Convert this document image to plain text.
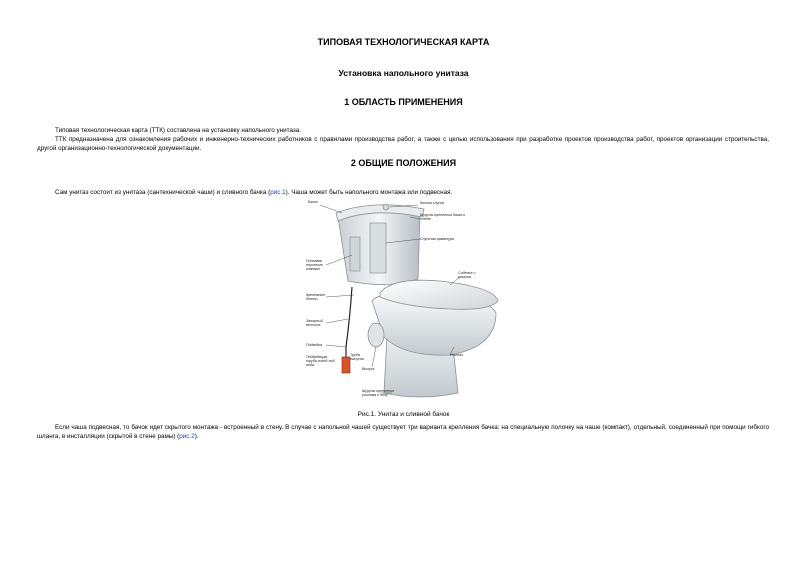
ТИПОВАЯ ТЕХНОЛОГИЧЕСКАЯ КАРТА
Установка напольного унитаза
1 ОБЛАСТЬ ПРИМЕНЕНИЯ
Типовая технологическая карта (ТТК) составлена на установку напольного унитаза.
ТТК предназначена для ознакомления рабочих и инженерно-технических работников с правилами производства работ, а также с целью использования при разработке проектов производства работ, проектов организации строительства, другой организационно-технологической документации.
2 ОБЩИЕ ПОЛОЖЕНИЯ
Сам унитаз состоит из унитаза (сантехнической чаши) и сливного бачка (рис.1). Чаша может быть напольного монтажа или подвесная.
Бачок	Кнопка спуска
Шурупы крепления бачка к стене
Спускная арматура
Поплавок впускного клапана
Сиденье и крышка
Крепежные болты
Запорный вентиль
Подводка
Подводящая труба холод-ной воды
Труба выпуска
Выпуск
Унитаз
Шурупы крепления унитаза к полу
Рис.1. Унитаз и сливной бачок
Если чаша подвесная, то бачок идет скрытого монтажа - встроенный в стену. В случае с напольной чашей существует три варианта крепления бачка: на специальную полочку на чаше (компакт), отдельный, соединенный при помощи гибкого шланга, в инсталляции (скрытой в стене рамы) (рис.2).
